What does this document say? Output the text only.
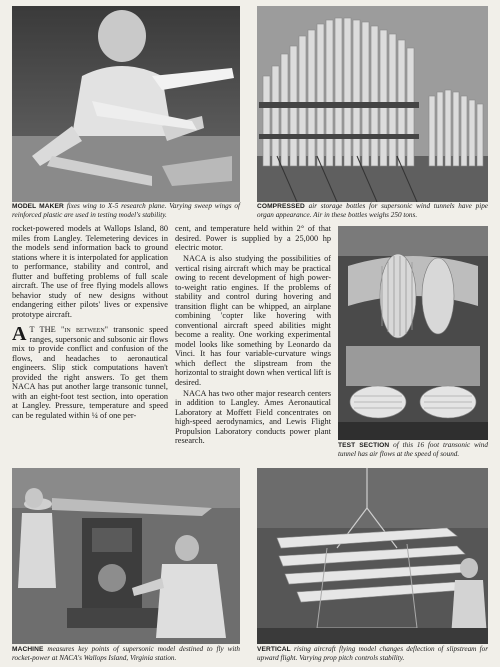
MODEL MAKER fixes wing to X-5 research plane. Varying sweep wings of reinforced plastic are used in testing model's stability.
COMPRESSED air storage bottles for supersonic wind tunnels have pipe organ appearance. Air in these bottles weighs 250 tons.

rocket-powered models at Wallops Island, 80 miles from Langley. Telemetering devices in the models send information back to ground stations where it is interpolated for application to performance, stability and control, and flutter and buffeting problems of full scale aircraft. The use of free flying models allows behavior study of new designs without endangering either pilots' lives or expensive prototype aircraft.

A T THE "in between" transonic speed ranges, supersonic and subsonic air flows mix to provide conflict and confusion of the flows, and headaches to aeronautical engineers. Slip stick computations haven't provided the right answers. To get them NACA has put another large transonic tunnel, with an eight-foot test section, into operation at Langley. Pressure, temperature and speed can be regulated within ¼ of one per-

cent, and temperature held within 2° of that desired. Power is supplied by a 25,000 hp electric motor.

NACA is also studying the possibilities of vertical rising aircraft which may be practical owing to recent development of high power-to-weight ratio engines. If the problems of stability and control during hovering and transition flight can be whipped, an airplane combining 'copter like hovering with conventional aircraft speed abilities might become a reality. One working experimental model looks like something by Leonardo da Vinci. It has four variable-curvature wings which deflect the slipstream from the horizontal to straight down when vertical lift is desired.

NACA has two other major research centers in addition to Langley. Ames Aeronautical Laboratory at Moffett Field concentrates on high-speed aerodynamics, and Lewis Flight Propulsion Laboratory conducts power plant research.

TEST SECTION of this 16 foot transonic wind tunnel has air flows at the speed of sound.
MACHINE measures key points of supersonic model destined to fly with rocket-power at NACA's Wallops Island, Virginia station.
VERTICAL rising aircraft flying model changes deflection of slipstream for upward flight. Varying prop pitch controls stability.
